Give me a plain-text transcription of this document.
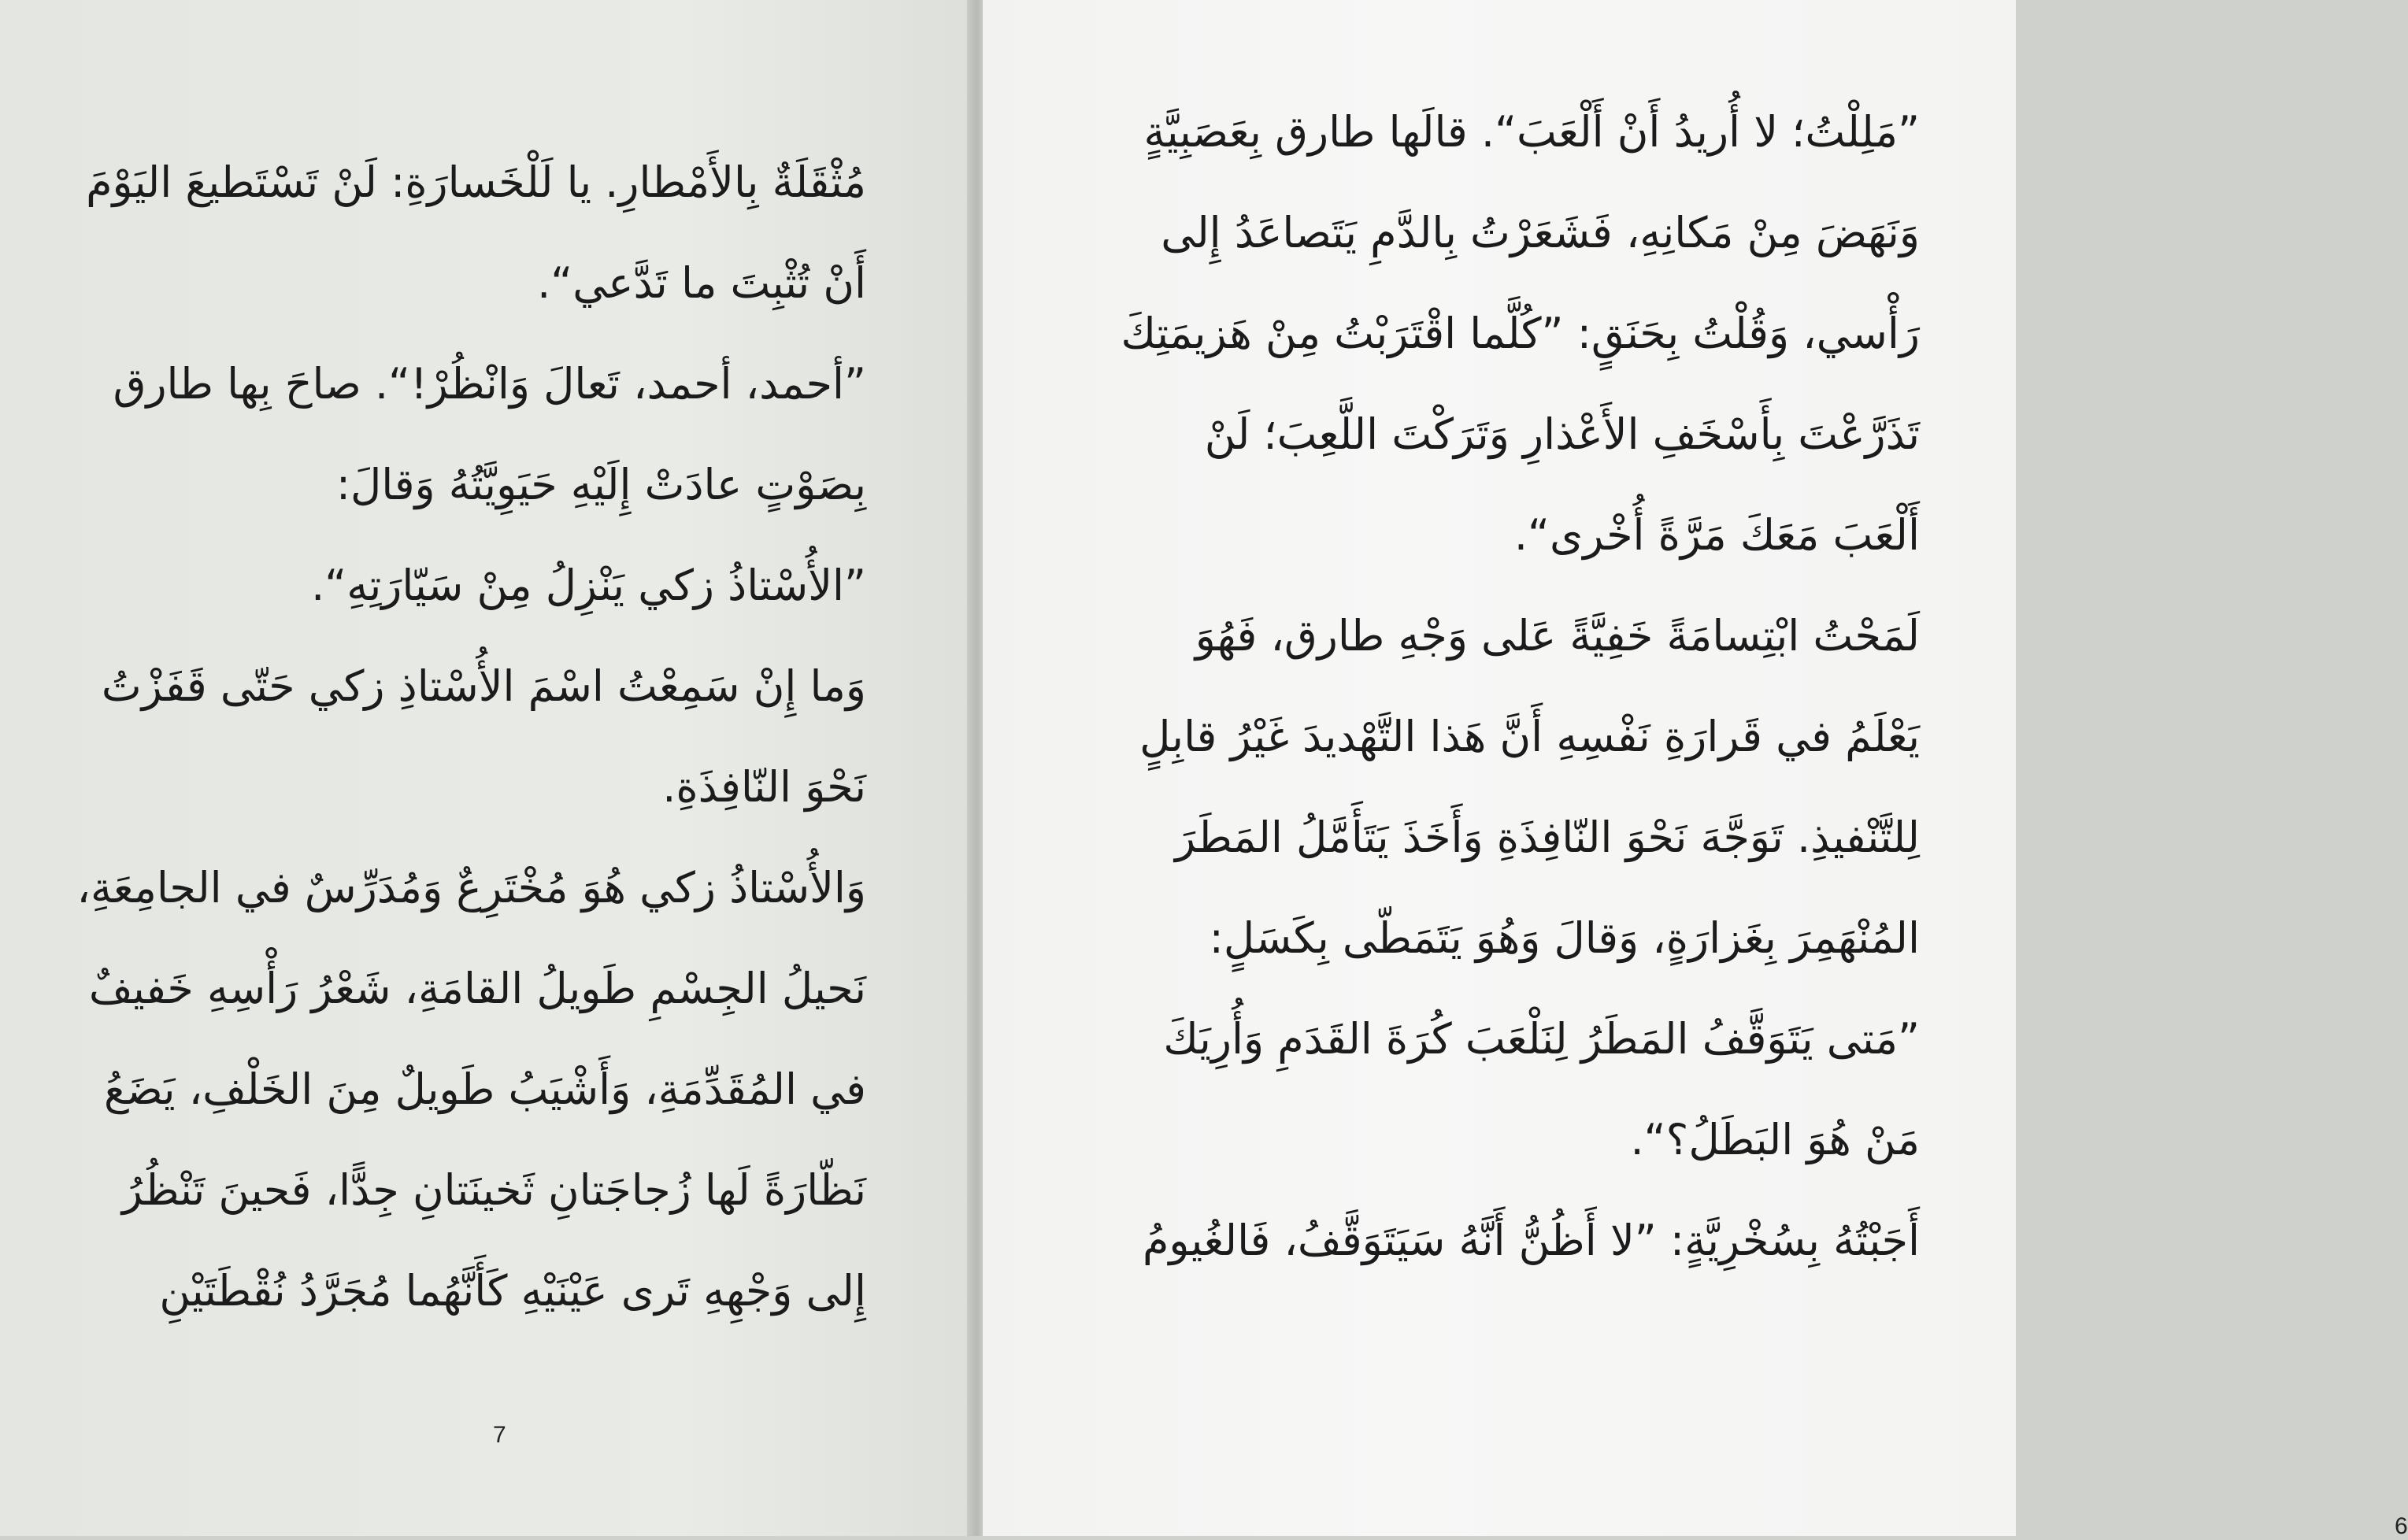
مُثْقَلَةٌ بِالأَمْطارِ. يا لَلْخَسارَةِ: لَنْ تَسْتَطيعَ اليَوْمَ
أَنْ تُثْبِتَ ما تَدَّعي“.
”أحمد، أحمد، تَعالَ وَانْظُرْ!“. صاحَ بِها طارق
بِصَوْتٍ عادَتْ إِلَيْهِ حَيَوِيَّتُهُ وَقالَ:
”الأُسْتاذُ زكي يَنْزِلُ مِنْ سَيّارَتِهِ“.
وَما إِنْ سَمِعْتُ اسْمَ الأُسْتاذِ زكي حَتّى قَفَزْتُ
نَحْوَ النّافِذَةِ.
وَالأُسْتاذُ زكي هُوَ مُخْتَرِعٌ وَمُدَرِّسٌ في الجامِعَةِ،
نَحيلُ الجِسْمِ طَويلُ القامَةِ، شَعْرُ رَأْسِهِ خَفيفٌ
في المُقَدِّمَةِ، وَأَشْيَبُ طَويلٌ مِنَ الخَلْفِ، يَضَعُ
نَظّارَةً لَها زُجاجَتانِ ثَخينَتانِ جِدًّا، فَحينَ تَنْظُرُ
إِلى وَجْهِهِ تَرى عَيْنَيْهِ كَأَنَّهُما مُجَرَّدُ نُقْطَتَيْنِ
7
”مَلِلْتُ؛ لا أُريدُ أَنْ أَلْعَبَ“. قالَها طارق بِعَصَبِيَّةٍ
وَنَهَضَ مِنْ مَكانِهِ، فَشَعَرْتُ بِالدَّمِ يَتَصاعَدُ إِلى
رَأْسي، وَقُلْتُ بِحَنَقٍ: ”كُلَّما اقْتَرَبْتُ مِنْ هَزيمَتِكَ
تَذَرَّعْتَ بِأَسْخَفِ الأَعْذارِ وَتَرَكْتَ اللَّعِبَ؛ لَنْ
أَلْعَبَ مَعَكَ مَرَّةً أُخْرى“.
لَمَحْتُ ابْتِسامَةً خَفِيَّةً عَلى وَجْهِ طارق، فَهُوَ
يَعْلَمُ في قَرارَةِ نَفْسِهِ أَنَّ هَذا التَّهْديدَ غَيْرُ قابِلٍ
لِلتَّنْفيذِ. تَوَجَّهَ نَحْوَ النّافِذَةِ وَأَخَذَ يَتَأَمَّلُ المَطَرَ
المُنْهَمِرَ بِغَزارَةٍ، وَقالَ وَهُوَ يَتَمَطّى بِكَسَلٍ:
”مَتى يَتَوَقَّفُ المَطَرُ لِنَلْعَبَ كُرَةَ القَدَمِ وَأُرِيَكَ
مَنْ هُوَ البَطَلُ؟“.
أَجَبْتُهُ بِسُخْرِيَّةٍ: ”لا أَظُنُّ أَنَّهُ سَيَتَوَقَّفُ، فَالغُيومُ
6
